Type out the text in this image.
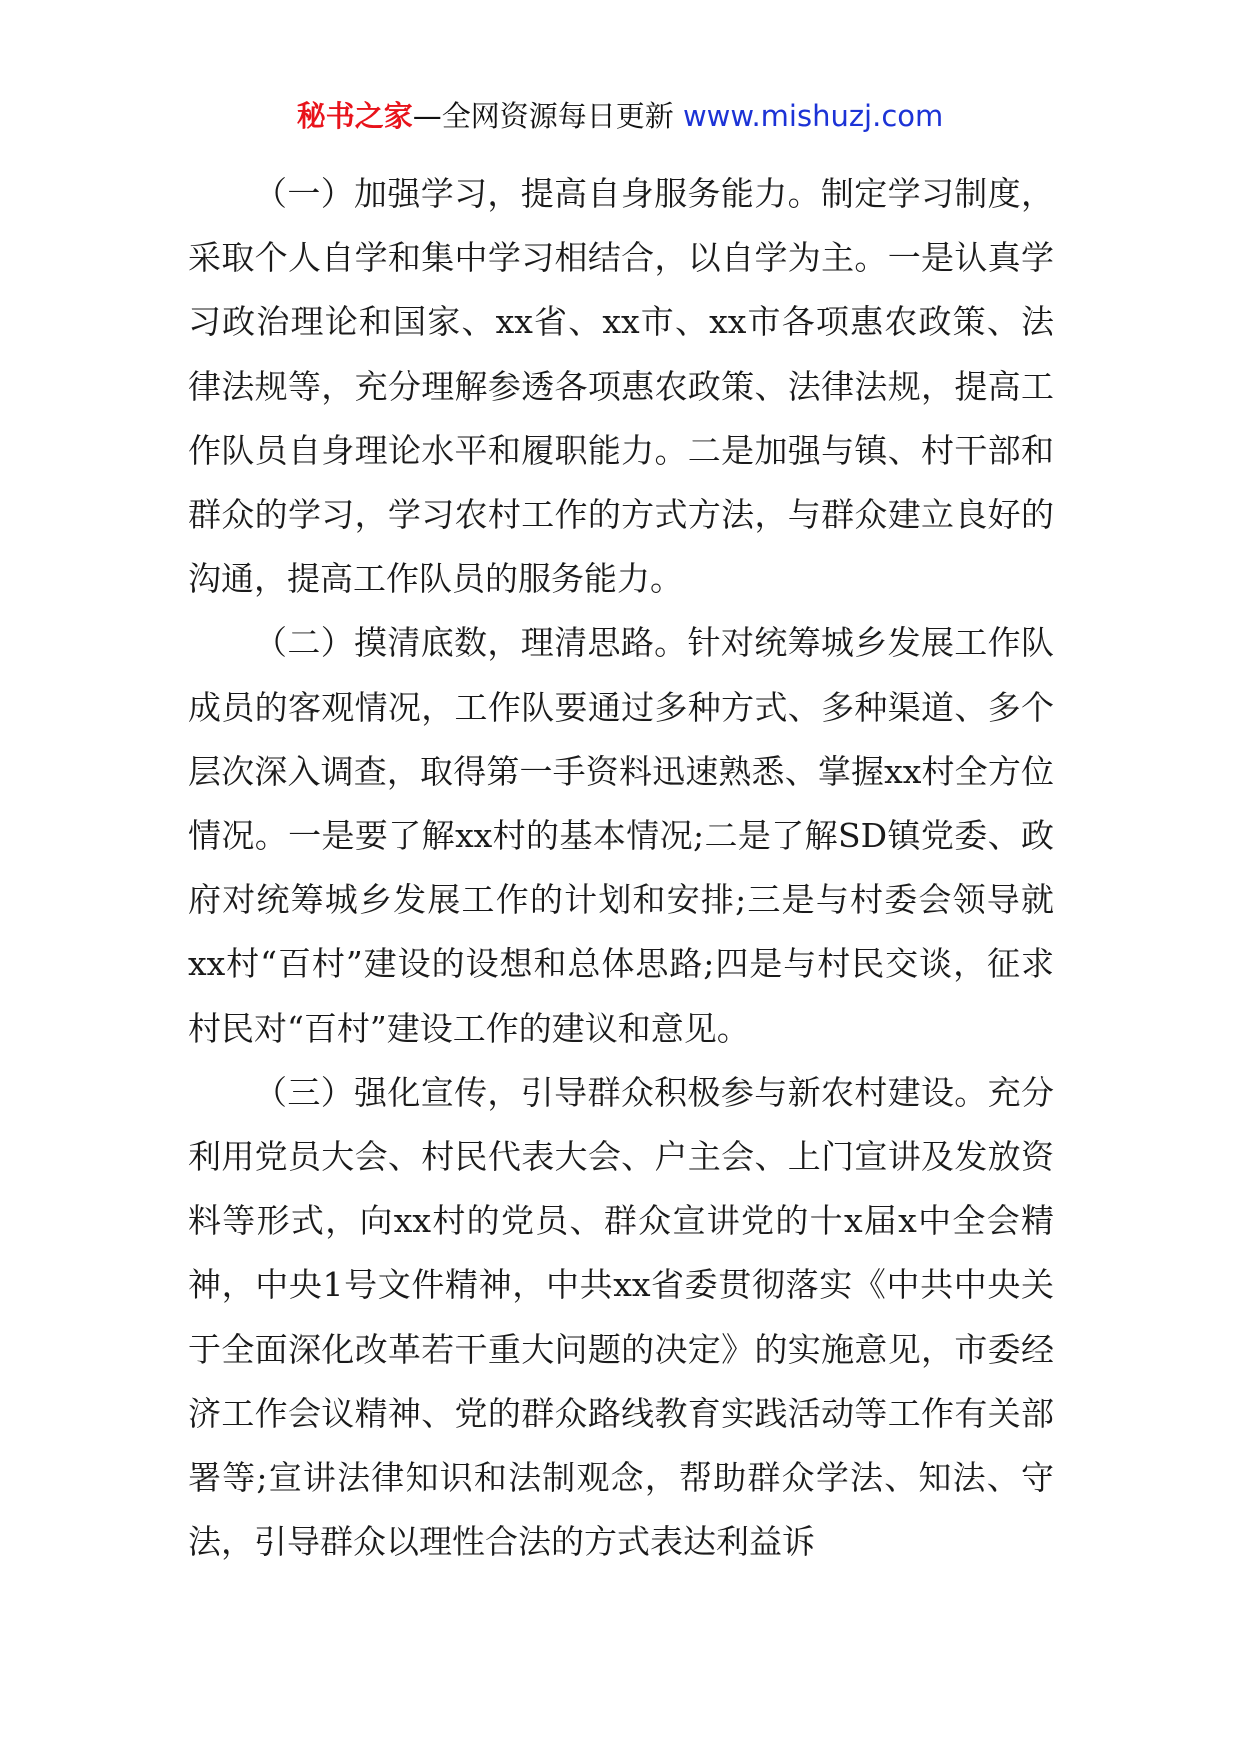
秘书之家—全网资源每日更新 www.mishuzj.com

（一）加强学习，提高自身服务能力。制定学习制度，采取个人自学和集中学习相结合，以自学为主。一是认真学习政治理论和国家、xx省、xx市、xx市各项惠农政策、法律法规等，充分理解参透各项惠农政策、法律法规，提高工作队员自身理论水平和履职能力。二是加强与镇、村干部和群众的学习，学习农村工作的方式方法，与群众建立良好的沟通，提高工作队员的服务能力。

（二）摸清底数，理清思路。针对统筹城乡发展工作队成员的客观情况，工作队要通过多种方式、多种渠道、多个层次深入调查，取得第一手资料迅速熟悉、掌握xx村全方位情况。一是要了解xx村的基本情况;二是了解SD镇党委、政府对统筹城乡发展工作的计划和安排;三是与村委会领导就xx村“百村”建设的设想和总体思路;四是与村民交谈，征求村民对“百村”建设工作的建议和意见。

（三）强化宣传，引导群众积极参与新农村建设。充分利用党员大会、村民代表大会、户主会、上门宣讲及发放资料等形式，向xx村的党员、群众宣讲党的十x届x中全会精神，中央1号文件精神，中共xx省委贯彻落实《中共中央关于全面深化改革若干重大问题的决定》的实施意见，市委经济工作会议精神、党的群众路线教育实践活动等工作有关部署等;宣讲法律知识和法制观念，帮助群众学法、知法、守法，引导群众以理性合法的方式表达利益诉
